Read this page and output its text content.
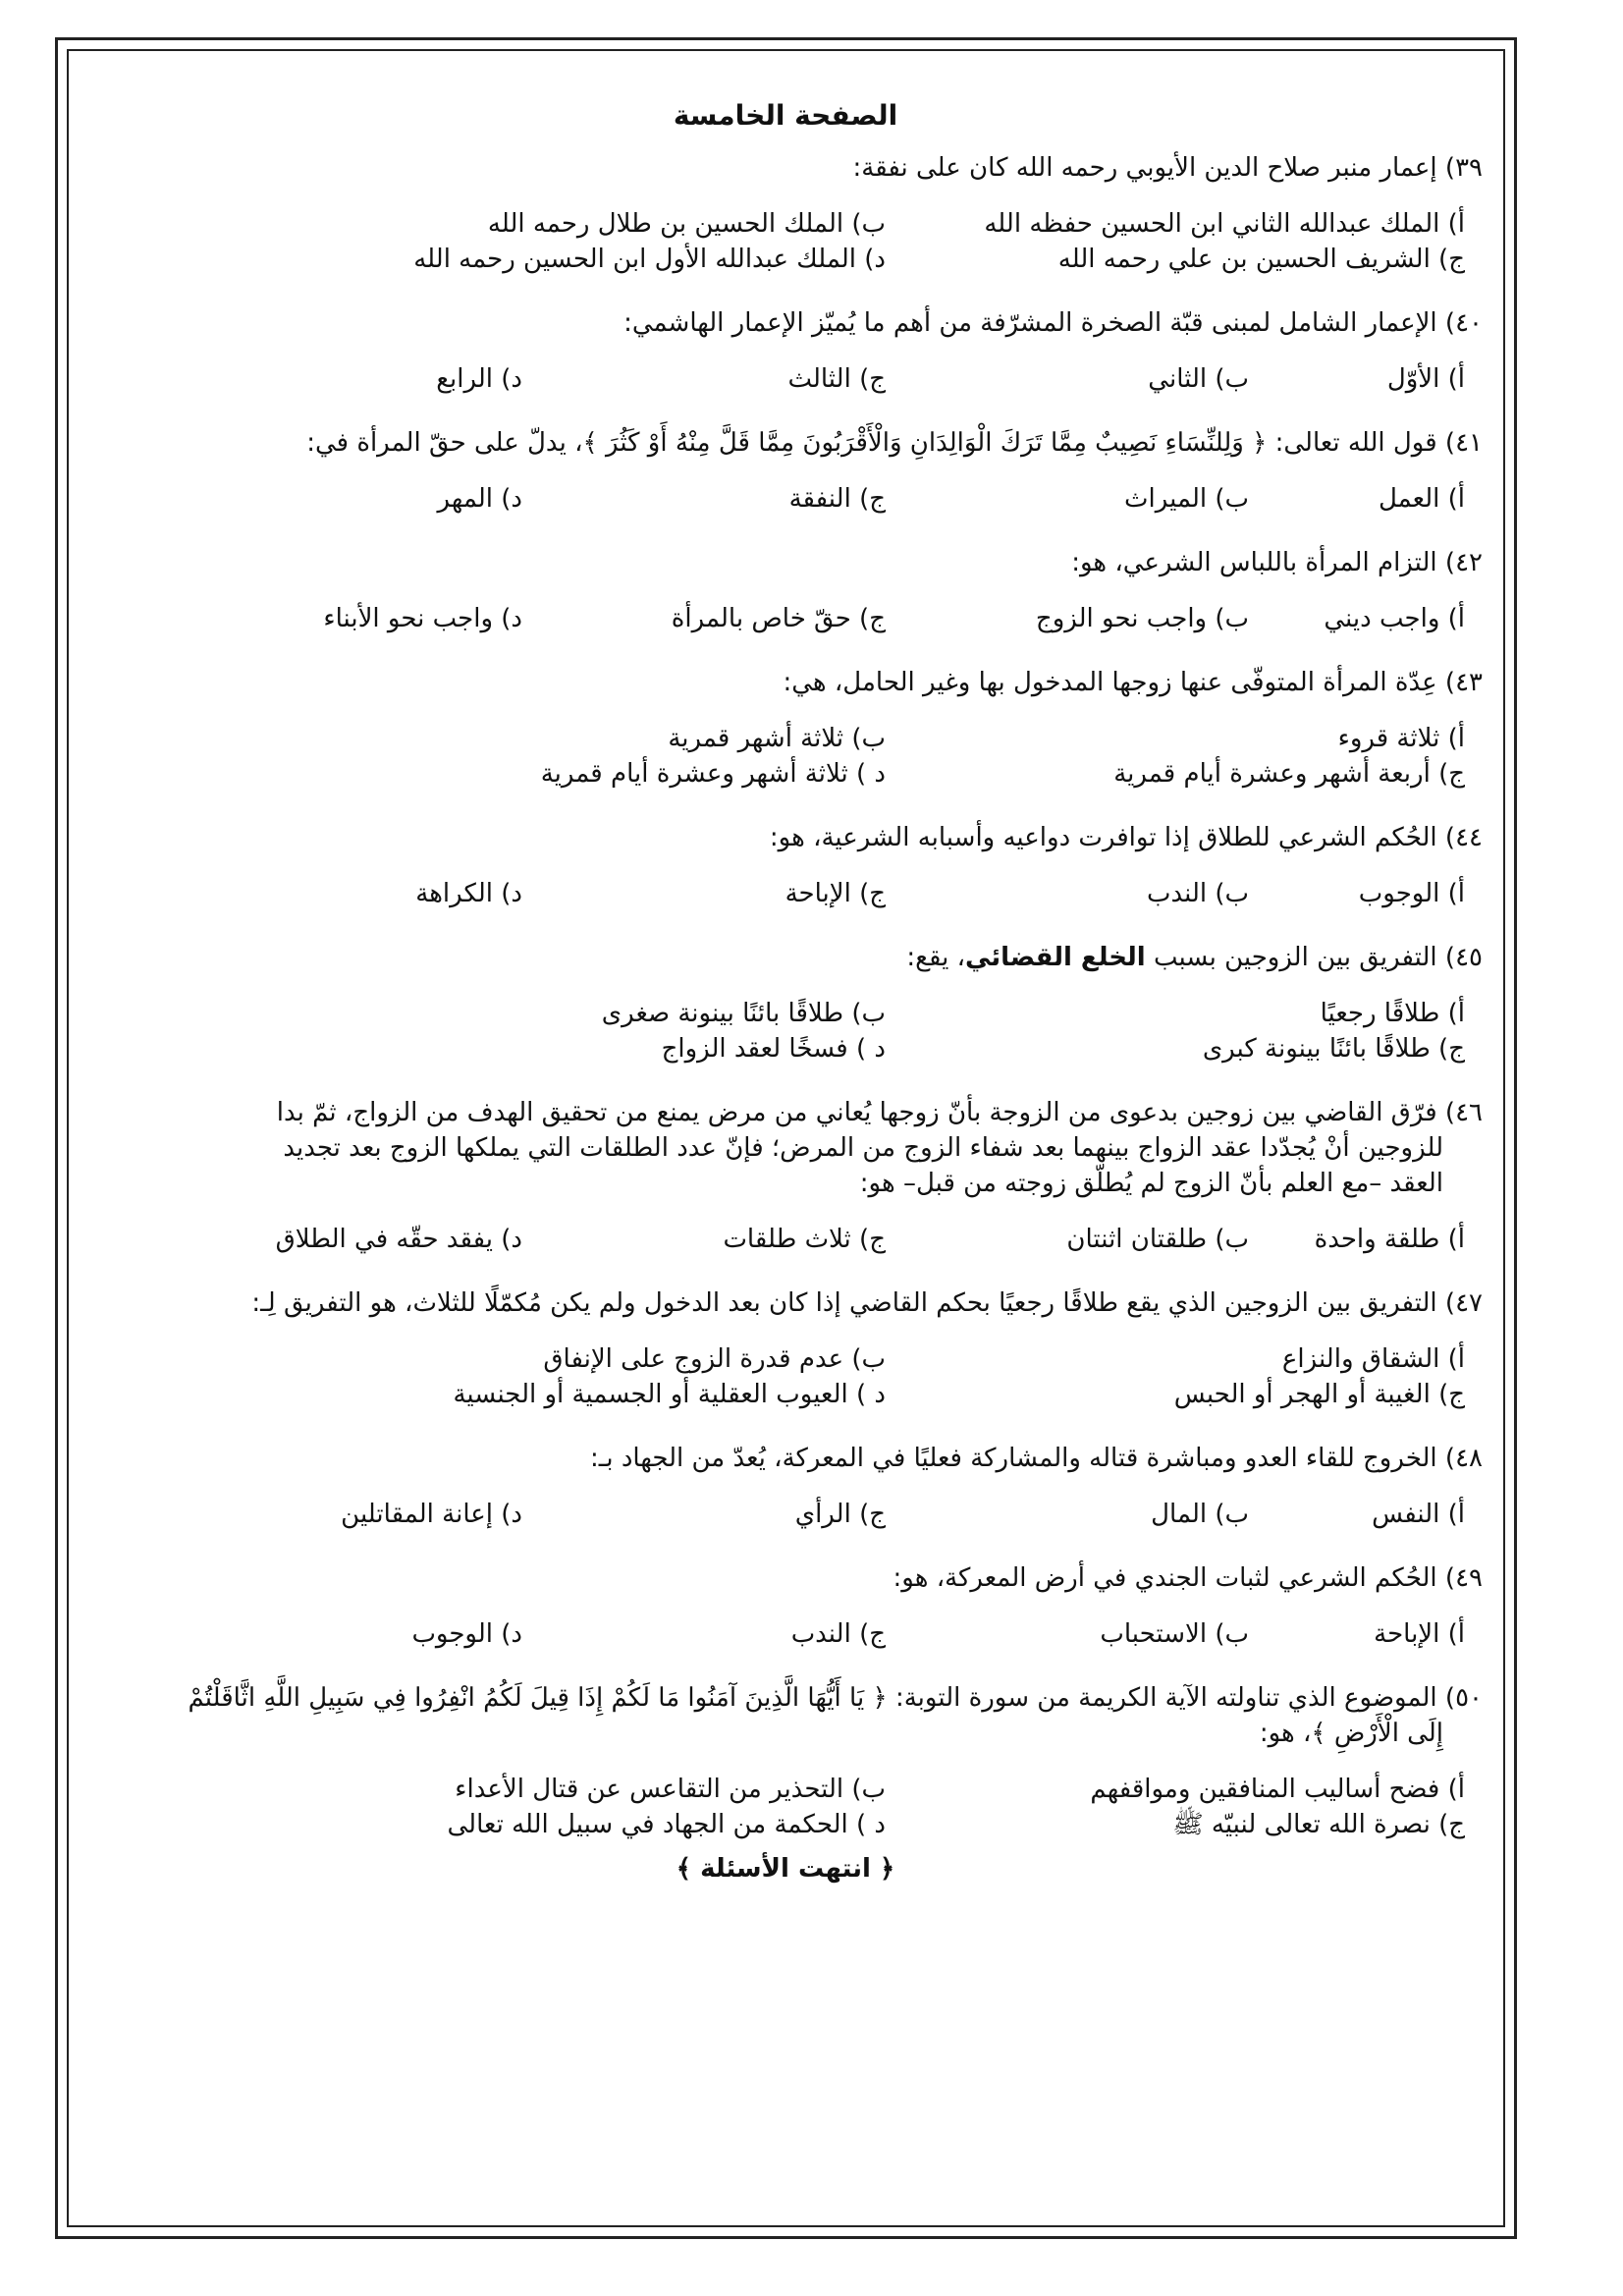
الصفحة الخامسة
٣٩) إعمار منبر صلاح الدين الأيوبي رحمه الله كان على نفقة:
أ) الملك عبدالله الثاني ابن الحسين حفظه الله
ب) الملك الحسين بن طلال رحمه الله
ج) الشريف الحسين بن علي رحمه الله
د) الملك عبدالله الأول ابن الحسين رحمه الله
٤٠) الإعمار الشامل لمبنى قبّة الصخرة المشرّفة من أهم ما يُميّز الإعمار الهاشمي:
أ) الأوّل
ب) الثاني
ج) الثالث
د) الرابع
٤١) قول الله تعالى: ﴿ وَلِلنِّسَاءِ نَصِيبٌ مِمَّا تَرَكَ الْوَالِدَانِ وَالْأَقْرَبُونَ مِمَّا قَلَّ مِنْهُ أَوْ كَثُرَ ﴾، يدلّ على حقّ المرأة في:
أ) العمل
ب) الميراث
ج) النفقة
د) المهر
٤٢) التزام المرأة باللباس الشرعي، هو:
أ) واجب ديني
ب) واجب نحو الزوج
ج) حقّ خاص بالمرأة
د) واجب نحو الأبناء
٤٣) عِدّة المرأة المتوفّى عنها زوجها المدخول بها وغير الحامل، هي:
أ) ثلاثة قروء
ب) ثلاثة أشهر قمرية
ج) أربعة أشهر وعشرة أيام قمرية
د ) ثلاثة أشهر وعشرة أيام قمرية
٤٤) الحُكم الشرعي للطلاق إذا توافرت دواعيه وأسبابه الشرعية، هو:
أ) الوجوب
ب) الندب
ج) الإباحة
د) الكراهة
٤٥) التفريق بين الزوجين بسبب الخلع القضائي، يقع:
أ) طلاقًا رجعيًا
ب) طلاقًا بائنًا بينونة صغرى
ج) طلاقًا بائنًا بينونة كبرى
د ) فسخًا لعقد الزواج
٤٦) فرّق القاضي بين زوجين بدعوى من الزوجة بأنّ زوجها يُعاني من مرض يمنع من تحقيق الهدف من الزواج، ثمّ بدا
للزوجين أنْ يُجدّدا عقد الزواج بينهما بعد شفاء الزوج من المرض؛ فإنّ عدد الطلقات التي يملكها الزوج بعد تجديد
العقد –مع العلم بأنّ الزوج لم يُطلّق زوجته من قبل– هو:
أ) طلقة واحدة
ب) طلقتان اثنتان
ج) ثلاث طلقات
د) يفقد حقّه في الطلاق
٤٧) التفريق بين الزوجين الذي يقع طلاقًا رجعيًا بحكم القاضي إذا كان بعد الدخول ولم يكن مُكمّلًا للثلاث، هو التفريق لِـ:
أ) الشقاق والنزاع
ب) عدم قدرة الزوج على الإنفاق
ج) الغيبة أو الهجر أو الحبس
د ) العيوب العقلية أو الجسمية أو الجنسية
٤٨) الخروج للقاء العدو ومباشرة قتاله والمشاركة فعليًا في المعركة، يُعدّ من الجهاد بـ:
أ) النفس
ب) المال
ج) الرأي
د) إعانة المقاتلين
٤٩) الحُكم الشرعي لثبات الجندي في أرض المعركة، هو:
أ) الإباحة
ب) الاستحباب
ج) الندب
د) الوجوب
٥٠) الموضوع الذي تناولته الآية الكريمة من سورة التوبة: ﴿ يَا أَيُّهَا الَّذِينَ آمَنُوا مَا لَكُمْ إِذَا قِيلَ لَكُمُ انْفِرُوا فِي سَبِيلِ اللَّهِ اثَّاقَلْتُمْ
إِلَى الْأَرْضِ ﴾، هو:
أ) فضح أساليب المنافقين ومواقفهم
ب) التحذير من التقاعس عن قتال الأعداء
ج) نصرة الله تعالى لنبيّه ﷺ
د ) الحكمة من الجهاد في سبيل الله تعالى
﴿ انتهت الأسئلة ﴾
